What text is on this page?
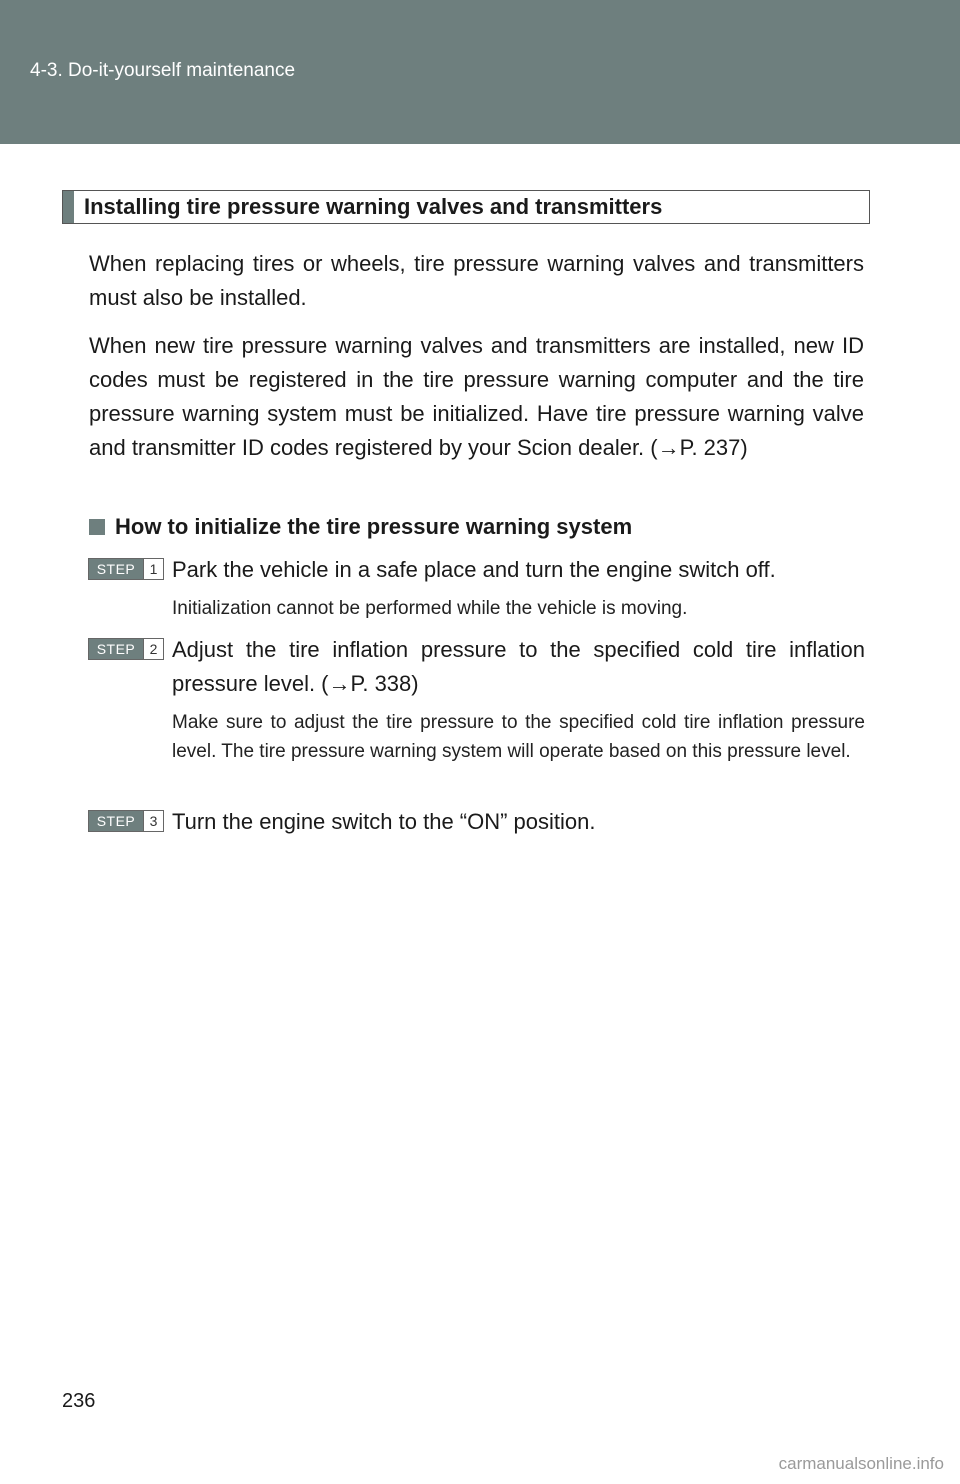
4-3. Do-it-yourself maintenance
Installing tire pressure warning valves and transmitters
When replacing tires or wheels, tire pressure warning valves and transmitters must also be installed.
When new tire pressure warning valves and transmitters are installed, new ID codes must be registered in the tire pressure warning computer and the tire pressure warning system must be initialized. Have tire pressure warning valve and transmitter ID codes registered by your Scion dealer. (→P. 237)
How to initialize the tire pressure warning system
STEP	1 Park the vehicle in a safe place and turn the engine switch off.
Initialization cannot be performed while the vehicle is moving.
STEP	2 Adjust the tire inflation pressure to the specified cold tire inflation pressure level. (→P. 338)
Make sure to adjust the tire pressure to the specified cold tire inflation pressure level. The tire pressure warning system will operate based on this pressure level.
STEP	3 Turn the engine switch to the “ON” position.
236
carmanualsonline.info
